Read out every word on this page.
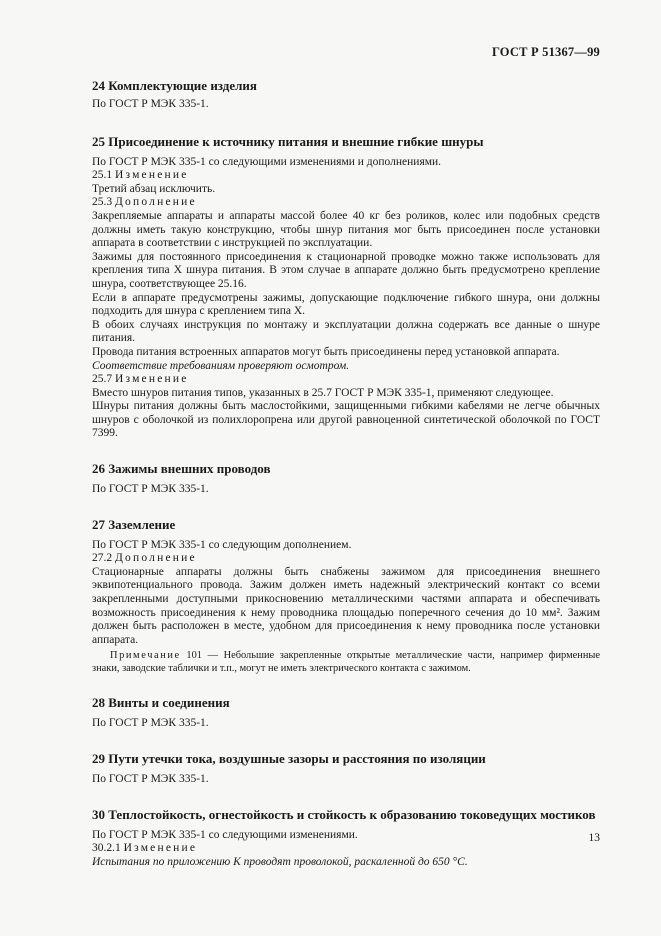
ГОСТ Р 51367—99
24 Комплектующие изделия

По ГОСТ Р МЭК 335-1.

25 Присоединение к источнику питания и внешние гибкие шнуры

По ГОСТ Р МЭК 335-1 со следующими изменениями и дополнениями.

25.1 Изменение

Третий абзац исключить.

25.3 Дополнение

Закрепляемые аппараты и аппараты массой более 40 кг без роликов, колес или подобных средств должны иметь такую конструкцию, чтобы шнур питания мог быть присоединен после установки аппарата в соответствии с инструкцией по эксплуатации.

Зажимы для постоянного присоединения к стационарной проводке можно также использовать для крепления типа X шнура питания. В этом случае в аппарате должно быть предусмотрено крепление шнура, соответствующее 25.16.

Если в аппарате предусмотрены зажимы, допускающие подключение гибкого шнура, они должны подходить для шнура с креплением типа X.

В обоих случаях инструкция по монтажу и эксплуатации должна содержать все данные о шнуре питания.

Провода питания встроенных аппаратов могут быть присоединены перед установкой аппарата.

Соответствие требованиям проверяют осмотром.

25.7 Изменение

Вместо шнуров питания типов, указанных в 25.7 ГОСТ Р МЭК 335-1, применяют следующее.

Шнуры питания должны быть маслостойкими, защищенными гибкими кабелями не легче обычных шнуров с оболочкой из полихлоропрена или другой равноценной синтетической оболочкой по ГОСТ 7399.

26 Зажимы внешних проводов

По ГОСТ Р МЭК 335-1.

27 Заземление

По ГОСТ Р МЭК 335-1 со следующим дополнением.

27.2 Дополнение

Стационарные аппараты должны быть снабжены зажимом для присоединения внешнего эквипотенциального провода. Зажим должен иметь надежный электрический контакт со всеми закрепленными доступными прикосновению металлическими частями аппарата и обеспечивать возможность присоединения к нему проводника площадью поперечного сечения до 10 мм². Зажим должен быть расположен в месте, удобном для присоединения к нему проводника после установки аппарата.

Примечание 101 — Небольшие закрепленные открытые металлические части, например фирменные знаки, заводские таблички и т.п., могут не иметь электрического контакта с зажимом.

28 Винты и соединения

По ГОСТ Р МЭК 335-1.

29 Пути утечки тока, воздушные зазоры и расстояния по изоляции

По ГОСТ Р МЭК 335-1.

30 Теплостойкость, огнестойкость и стойкость к образованию токоведущих мостиков

По ГОСТ Р МЭК 335-1 со следующими изменениями.

30.2.1 Изменение

Испытания по приложению К проводят проволокой, раскаленной до 650 °С.

13
